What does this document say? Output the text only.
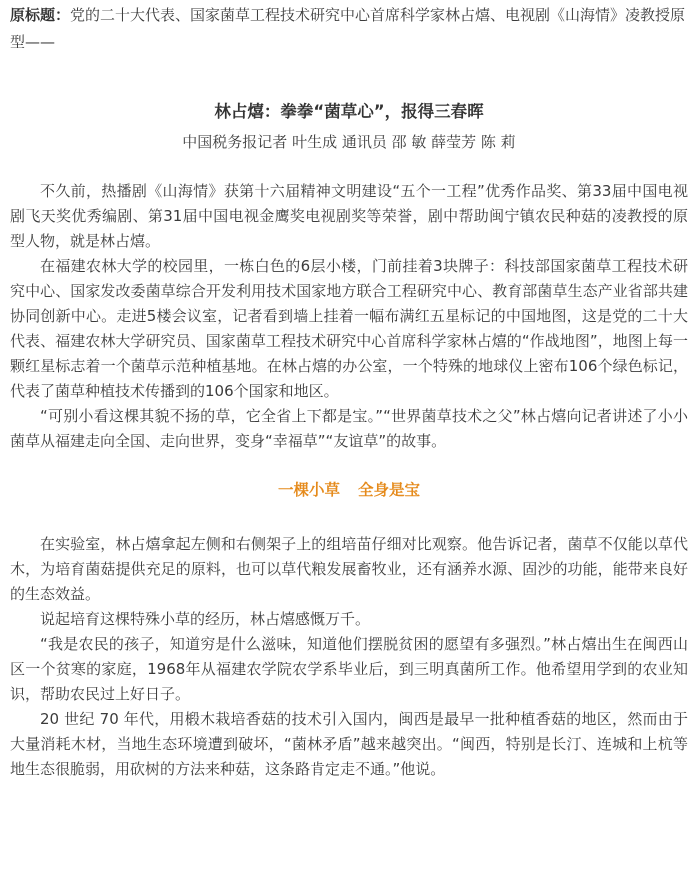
原标题：党的二十大代表、国家菌草工程技术研究中心首席科学家林占熺、电视剧《山海情》凌教授原型——

林占熺：拳拳“菌草心”，报得三春晖
中国税务报记者 叶生成 通讯员 邵 敏 薛莹芳 陈 莉

不久前，热播剧《山海情》获第十六届精神文明建设“五个一工程”优秀作品奖、第33届中国电视剧飞天奖优秀编剧、第31届中国电视金鹰奖电视剧奖等荣誉，剧中帮助闽宁镇农民种菇的凌教授的原型人物，就是林占熺。

在福建农林大学的校园里，一栋白色的6层小楼，门前挂着3块牌子：科技部国家菌草工程技术研究中心、国家发改委菌草综合开发利用技术国家地方联合工程研究中心、教育部菌草生态产业省部共建协同创新中心。走进5楼会议室，记者看到墙上挂着一幅布满红五星标记的中国地图，这是党的二十大代表、福建农林大学研究员、国家菌草工程技术研究中心首席科学家林占熺的“作战地图”，地图上每一颗红星标志着一个菌草示范种植基地。在林占熺的办公室，一个特殊的地球仪上密布106个绿色标记，代表了菌草种植技术传播到的106个国家和地区。

“可别小看这棵其貌不扬的草，它全省上下都是宝。”“世界菌草技术之父”林占熺向记者讲述了小小菌草从福建走向全国、走向世界，变身“幸福草”“友谊草”的故事。

一棵小草 全身是宝

在实验室，林占熺拿起左侧和右侧架子上的组培苗仔细对比观察。他告诉记者，菌草不仅能以草代木，为培育菌菇提供充足的原料，也可以草代粮发展畜牧业，还有涵养水源、固沙的功能，能带来良好的生态效益。

说起培育这棵特殊小草的经历，林占熺感慨万千。

“我是农民的孩子，知道穷是什么滋味，知道他们摆脱贫困的愿望有多强烈。”林占熺出生在闽西山区一个贫寒的家庭，1968年从福建农学院农学系毕业后，到三明真菌所工作。他希望用学到的农业知识，帮助农民过上好日子。

20 世纪 70 年代，用椴木栽培香菇的技术引入国内，闽西是最早一批种植香菇的地区，然而由于大量消耗木材，当地生态环境遭到破坏，“菌林矛盾”越来越突出。“闽西，特别是长汀、连城和上杭等地生态很脆弱，用砍树的方法来种菇，这条路肯定走不通。”他说。
